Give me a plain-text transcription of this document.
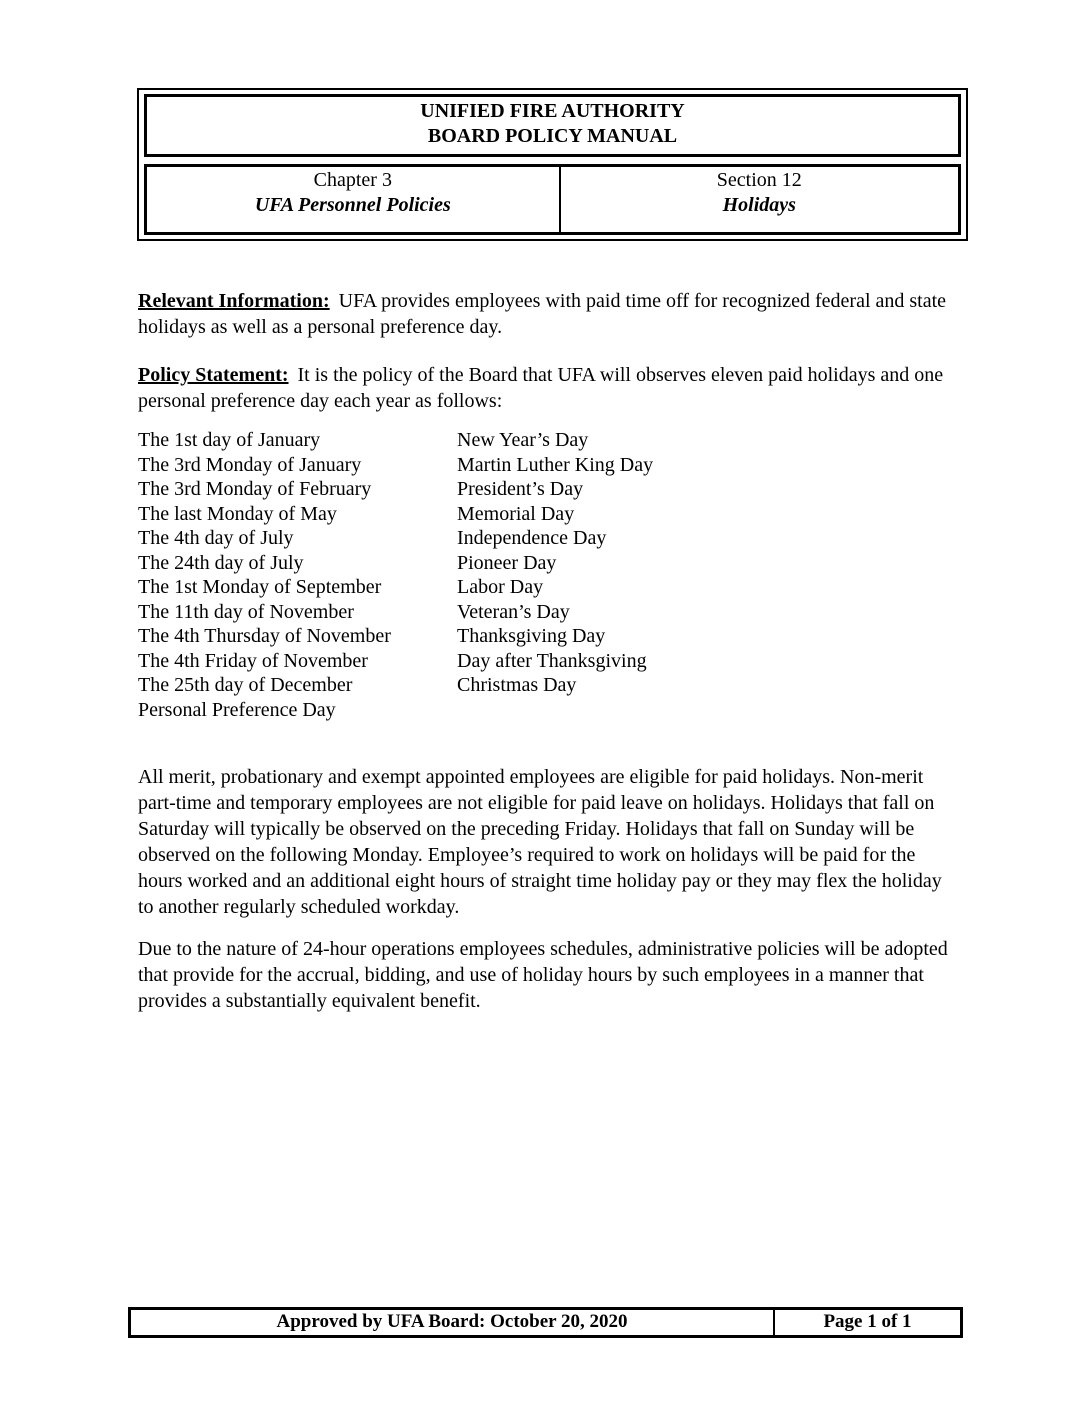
UNIFIED FIRE AUTHORITY
BOARD POLICY MANUAL
Chapter 3
UFA Personnel Policies
Section 12
Holidays

Relevant Information: UFA provides employees with paid time off for recognized federal and state holidays as well as a personal preference day.

Policy Statement: It is the policy of the Board that UFA will observes eleven paid holidays and one personal preference day each year as follows:

The 1st day of January	New Year’s Day
The 3rd Monday of January	Martin Luther King Day
The 3rd Monday of February	President’s Day
The last Monday of May	Memorial Day
The 4th day of July	Independence Day
The 24th day of July	Pioneer Day
The 1st Monday of September	Labor Day
The 11th day of November	Veteran’s Day
The 4th Thursday of November	Thanksgiving Day
The 4th Friday of November	Day after Thanksgiving
The 25th day of December	Christmas Day
Personal Preference Day

All merit, probationary and exempt appointed employees are eligible for paid holidays. Non-merit part-time and temporary employees are not eligible for paid leave on holidays. Holidays that fall on Saturday will typically be observed on the preceding Friday. Holidays that fall on Sunday will be observed on the following Monday. Employee’s required to work on holidays will be paid for the hours worked and an additional eight hours of straight time holiday pay or they may flex the holiday to another regularly scheduled workday.

Due to the nature of 24-hour operations employees schedules, administrative policies will be adopted that provide for the accrual, bidding, and use of holiday hours by such employees in a manner that provides a substantially equivalent benefit.

Approved by UFA Board: October 20, 2020	Page 1 of 1
